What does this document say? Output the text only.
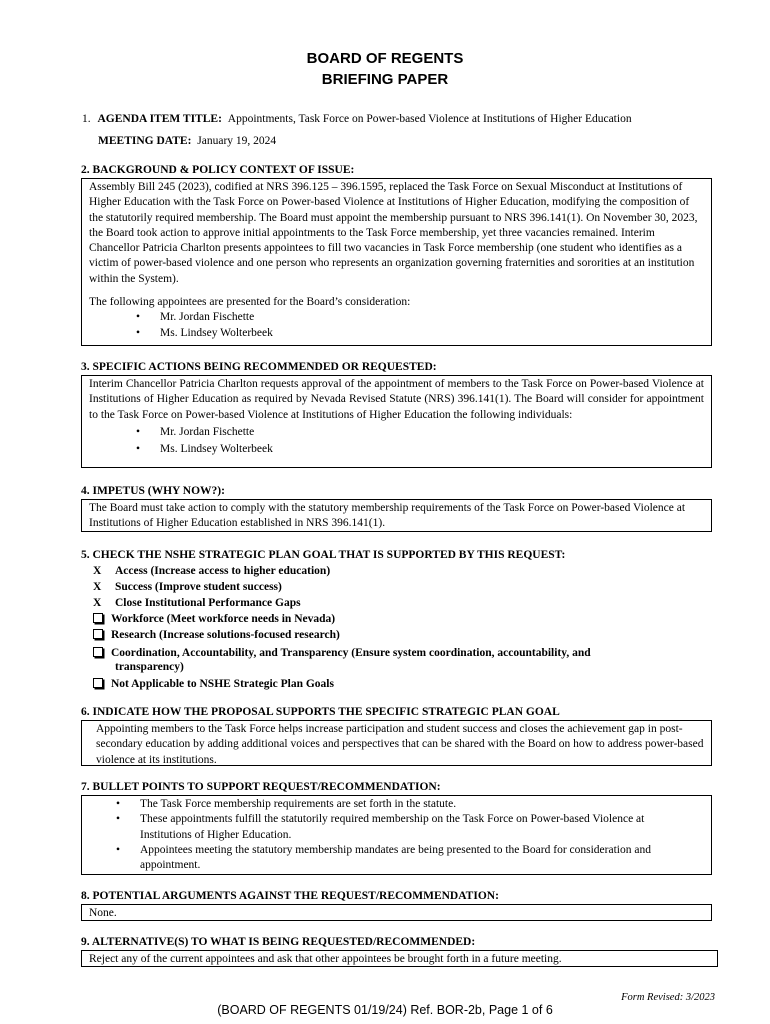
BOARD OF REGENTS
BRIEFING PAPER
1. AGENDA ITEM TITLE: Appointments, Task Force on Power-based Violence at Institutions of Higher Education
MEETING DATE: January 19, 2024
2. BACKGROUND & POLICY CONTEXT OF ISSUE:

Assembly Bill 245 (2023), codified at NRS 396.125 – 396.1595, replaced the Task Force on Sexual Misconduct at Institutions of Higher Education with the Task Force on Power-based Violence at Institutions of Higher Education, modifying the composition of the statutorily required membership. The Board must appoint the membership pursuant to NRS 396.141(1). On November 30, 2023, the Board took action to approve initial appointments to the Task Force membership, yet three vacancies remained. Interim Chancellor Patricia Charlton presents appointees to fill two vacancies in Task Force membership (one student who identifies as a victim of power-based violence and one person who represents an organization governing fraternities and sororities at an institution within the System).

The following appointees are presented for the Board’s consideration:

• Mr. Jordan Fischette
• Ms. Lindsey Wolterbeek
3. SPECIFIC ACTIONS BEING RECOMMENDED OR REQUESTED:

Interim Chancellor Patricia Charlton requests approval of the appointment of members to the Task Force on Power-based Violence at Institutions of Higher Education as required by Nevada Revised Statute (NRS) 396.141(1). The Board will consider for appointment to the Task Force on Power-based Violence at Institutions of Higher Education the following individuals:

• Mr. Jordan Fischette
• Ms. Lindsey Wolterbeek
4. IMPETUS (WHY NOW?):

The Board must take action to comply with the statutory membership requirements of the Task Force on Power-based Violence at Institutions of Higher Education established in NRS 396.141(1).

5. CHECK THE NSHE STRATEGIC PLAN GOAL THAT IS SUPPORTED BY THIS REQUEST:
X Access (Increase access to higher education)
X Success (Improve student success)
X Close Institutional Performance Gaps
Workforce (Meet workforce needs in Nevada)
Research (Increase solutions-focused research)
Coordination, Accountability, and Transparency (Ensure system coordination, accountability, and
transparency)
Not Applicable to NSHE Strategic Plan Goals
6. INDICATE HOW THE PROPOSAL SUPPORTS THE SPECIFIC STRATEGIC PLAN GOAL

Appointing members to the Task Force helps increase participation and student success and closes the achievement gap in post-secondary education by adding additional voices and perspectives that can be shared with the Board on how to address power-based violence at its institutions.

7. BULLET POINTS TO SUPPORT REQUEST/RECOMMENDATION:
• The Task Force membership requirements are set forth in the statute.
• These appointments fulfill the statutorily required membership on the Task Force on Power-based Violence at Institutions of Higher Education.
• Appointees meeting the statutory membership mandates are being presented to the Board for consideration and appointment.
8. POTENTIAL ARGUMENTS AGAINST THE REQUEST/RECOMMENDATION:

None.

9. ALTERNATIVE(S) TO WHAT IS BEING REQUESTED/RECOMMENDED:

Reject any of the current appointees and ask that other appointees be brought forth in a future meeting.

Form Revised: 3/2023
(BOARD OF REGENTS 01/19/24) Ref. BOR-2b, Page 1 of 6
